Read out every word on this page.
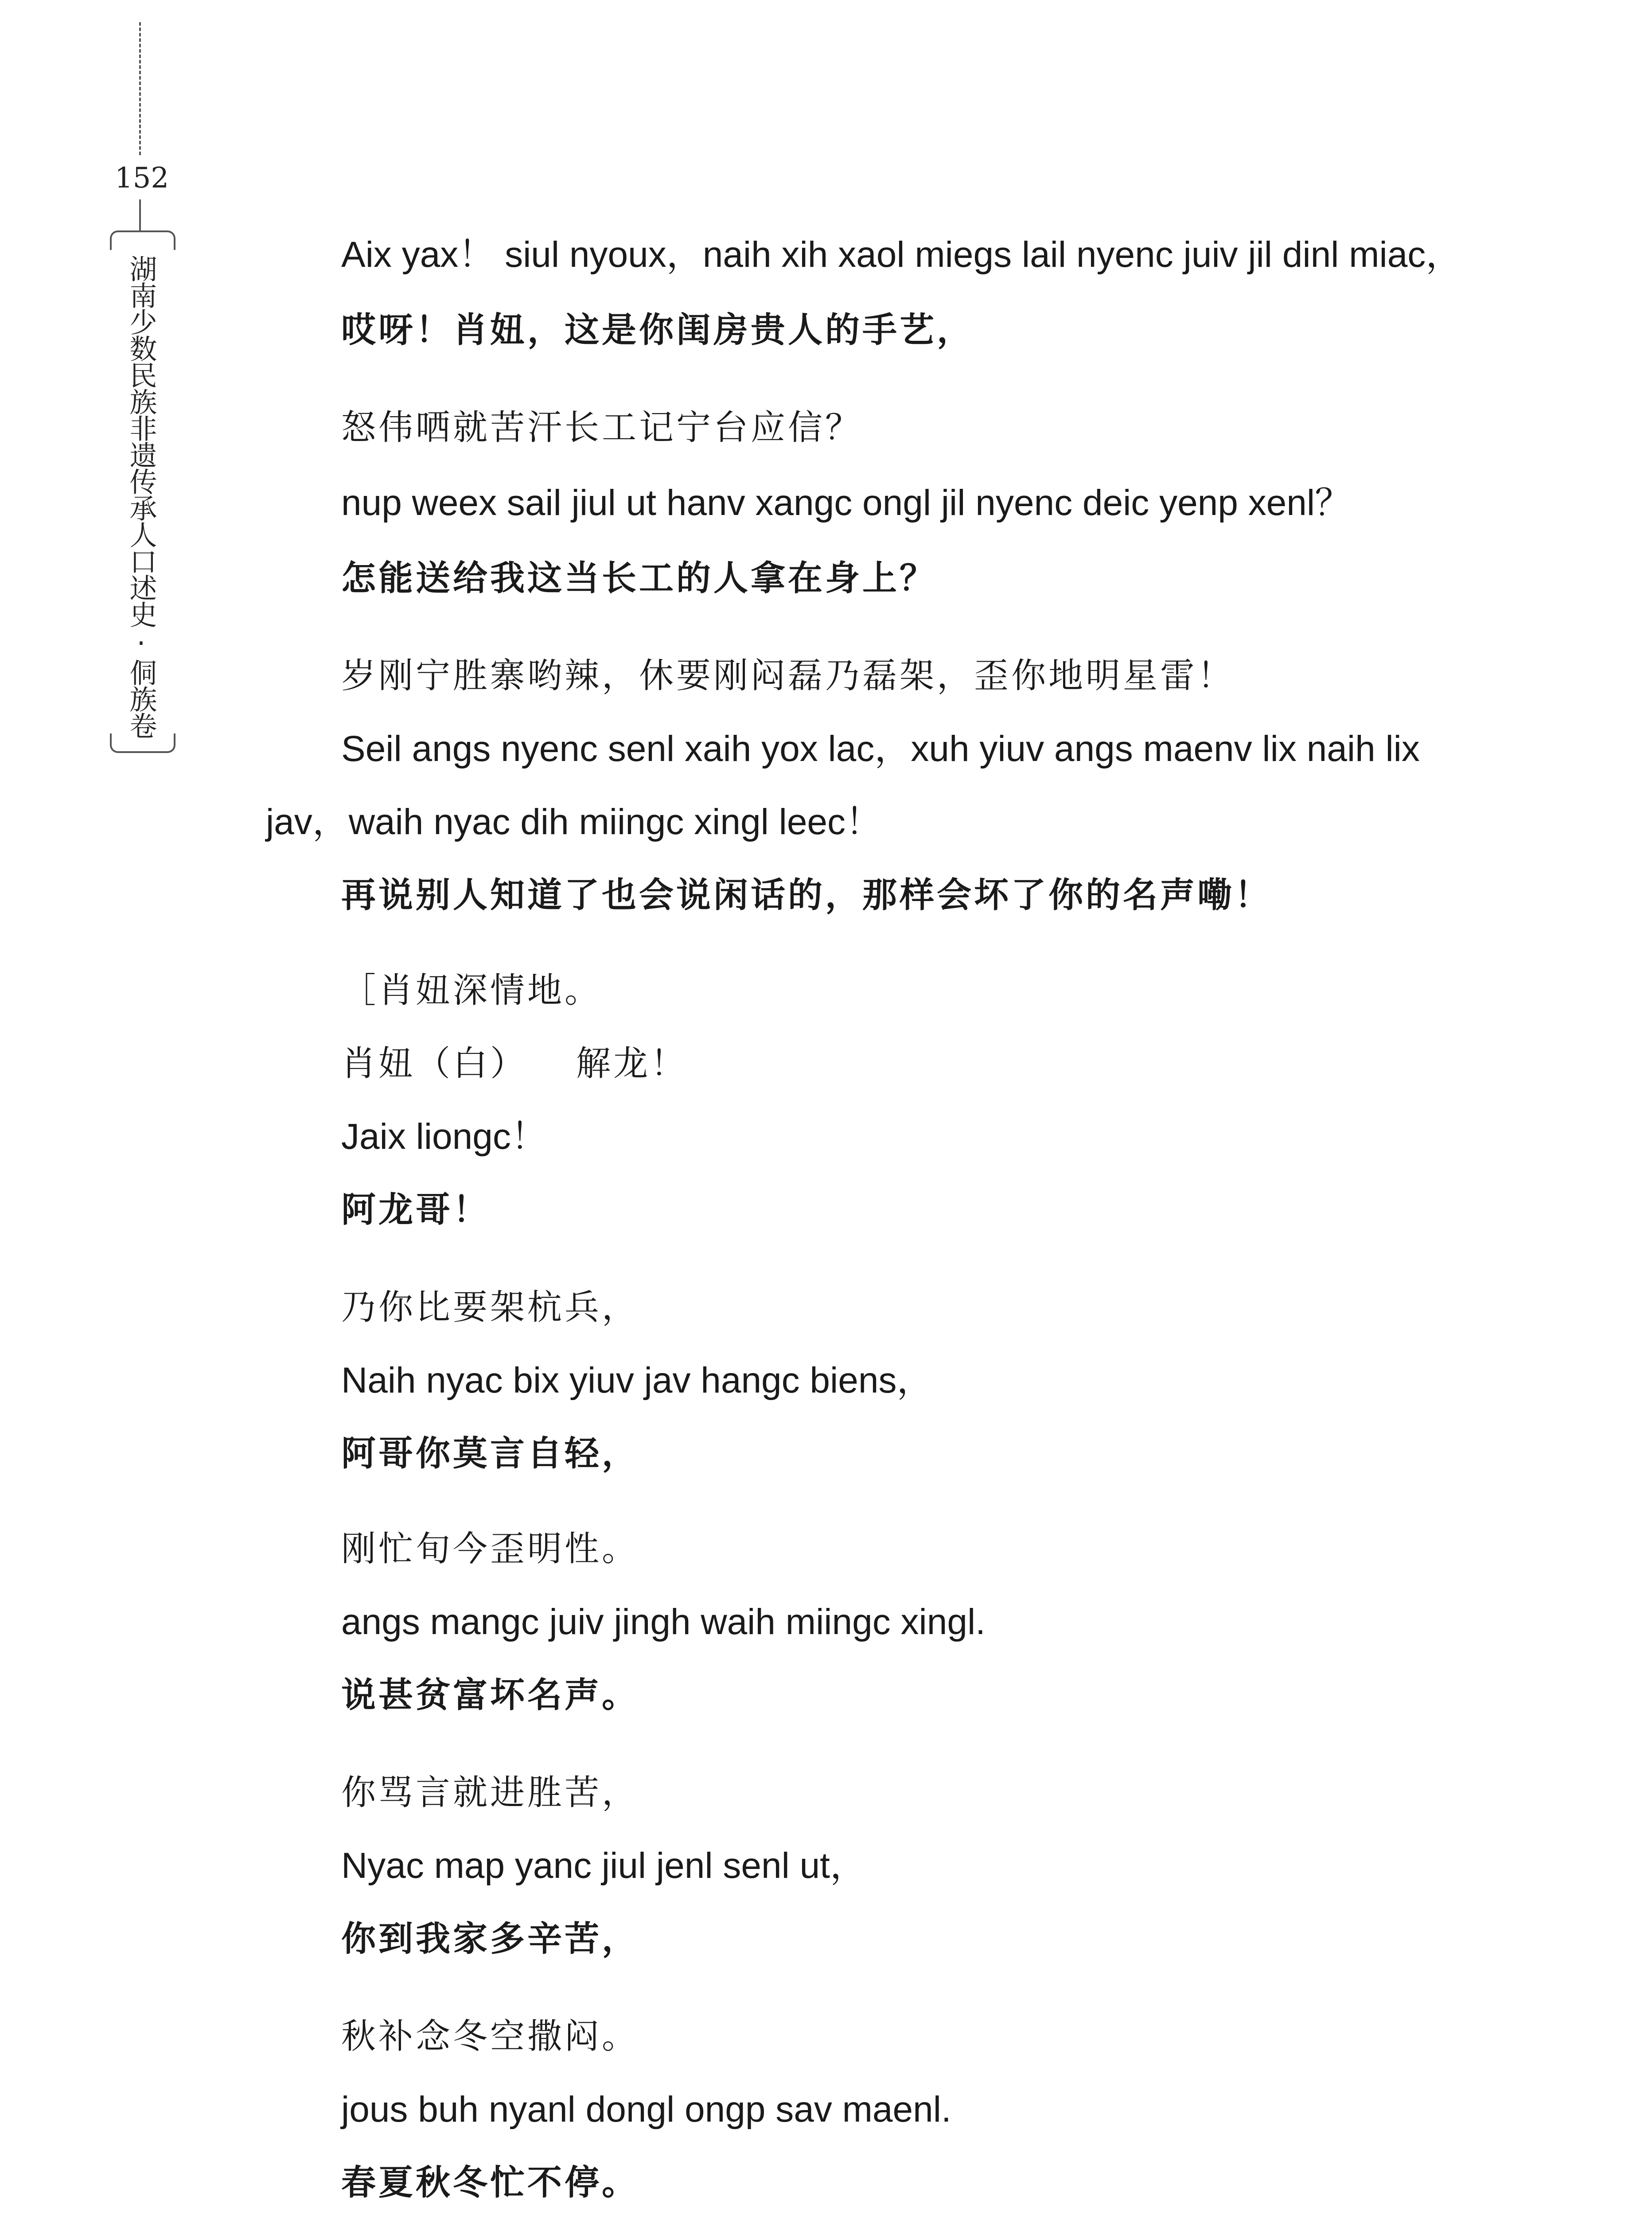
152
湖南少数民族非遗传承人口述史·侗族卷
Aix yax！ siul nyoux，naih xih xaol miegs lail nyenc juiv jil dinl miac，
哎呀！肖妞，这是你闺房贵人的手艺，
怒伟哂就苦汗长工记宁台应信？
nup weex sail jiul ut hanv xangc ongl jil nyenc deic yenp xenl？
怎能送给我这当长工的人拿在身上？
岁刚宁胜寨哟辣，休要刚闷磊乃磊架，歪你地明星雷！
Seil angs nyenc senl xaih yox lac，xuh yiuv angs maenv lix naih lix
jav，waih nyac dih miingc xingl leec！
再说别人知道了也会说闲话的，那样会坏了你的名声嘞！
［肖妞深情地。
肖妞（白） 解龙！
Jaix liongc！
阿龙哥！
乃你比要架杭兵，
Naih nyac bix yiuv jav hangc biens，
阿哥你莫言自轻，
刚忙旬今歪明性。
angs mangc juiv jingh waih miingc xingl.
说甚贫富坏名声。
你骂言就进胜苦，
Nyac map yanc jiul jenl senl ut，
你到我家多辛苦，
秋补念冬空撒闷。
jous buh nyanl dongl ongp sav maenl.
春夏秋冬忙不停。
